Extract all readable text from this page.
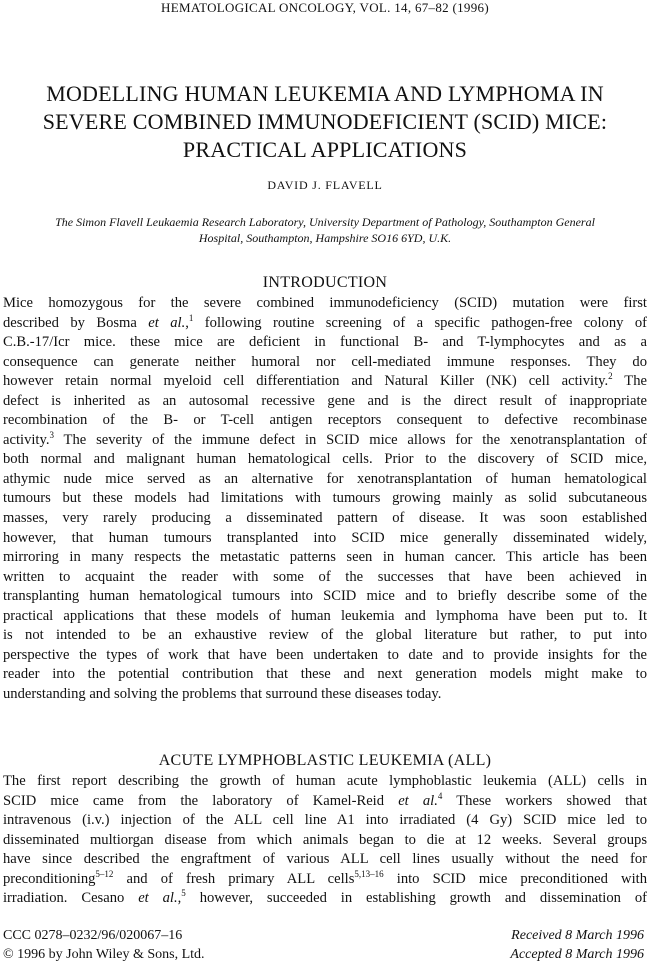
HEMATOLOGICAL ONCOLOGY, VOL. 14, 67–82 (1996)
MODELLING HUMAN LEUKEMIA AND LYMPHOMA IN
SEVERE COMBINED IMMUNODEFICIENT (SCID) MICE:
PRACTICAL APPLICATIONS
DAVID J. FLAVELL
The Simon Flavell Leukaemia Research Laboratory, University Department of Pathology, Southampton General
Hospital, Southampton, Hampshire SO16 6YD, U.K.
INTRODUCTION
Mice homozygous for the severe combined immunodeficiency (SCID) mutation were first
described by Bosma et al.,$^1$ following routine screening of a specific pathogen-free colony of
C.B.-17/Icr mice. these mice are deficient in functional B- and T-lymphocytes and as a
consequence can generate neither humoral nor cell-mediated immune responses. They do
however retain normal myeloid cell differentiation and Natural Killer (NK) cell activity.$^2$ The
defect is inherited as an autosomal recessive gene and is the direct result of inappropriate
recombination of the B- or T-cell antigen receptors consequent to defective recombinase
activity.$^3$ The severity of the immune defect in SCID mice allows for the xenotransplantation of
both normal and malignant human hematological cells. Prior to the discovery of SCID mice,
athymic nude mice served as an alternative for xenotransplantation of human hematological
tumours but these models had limitations with tumours growing mainly as solid subcutaneous
masses, very rarely producing a disseminated pattern of disease. It was soon established
however, that human tumours transplanted into SCID mice generally disseminated widely,
mirroring in many respects the metastatic patterns seen in human cancer. This article has been
written to acquaint the reader with some of the successes that have been achieved in
transplanting human hematological tumours into SCID mice and to briefly describe some of the
practical applications that these models of human leukemia and lymphoma have been put to. It
is not intended to be an exhaustive review of the global literature but rather, to put into
perspective the types of work that have been undertaken to date and to provide insights for the
reader into the potential contribution that these and next generation models might make to
understanding and solving the problems that surround these diseases today.
ACUTE LYMPHOBLASTIC LEUKEMIA (ALL)
The first report describing the growth of human acute lymphoblastic leukemia (ALL) cells in
SCID mice came from the laboratory of Kamel-Reid et al.$^4$ These workers showed that
intravenous (i.v.) injection of the ALL cell line A1 into irradiated (4 Gy) SCID mice led to
disseminated multiorgan disease from which animals began to die at 12 weeks. Several groups
have since described the engraftment of various ALL cell lines usually without the need for
preconditioning$^{5-12}$ and of fresh primary ALL cells$^{5,13-16}$ into SCID mice preconditioned with
irradiation. Cesano et al.,$^5$ however, succeeded in establishing growth and dissemination of
CCC 0278–0232/96/020067–16
© 1996 by John Wiley & Sons, Ltd.
Received 8 March 1996
Accepted 8 March 1996
